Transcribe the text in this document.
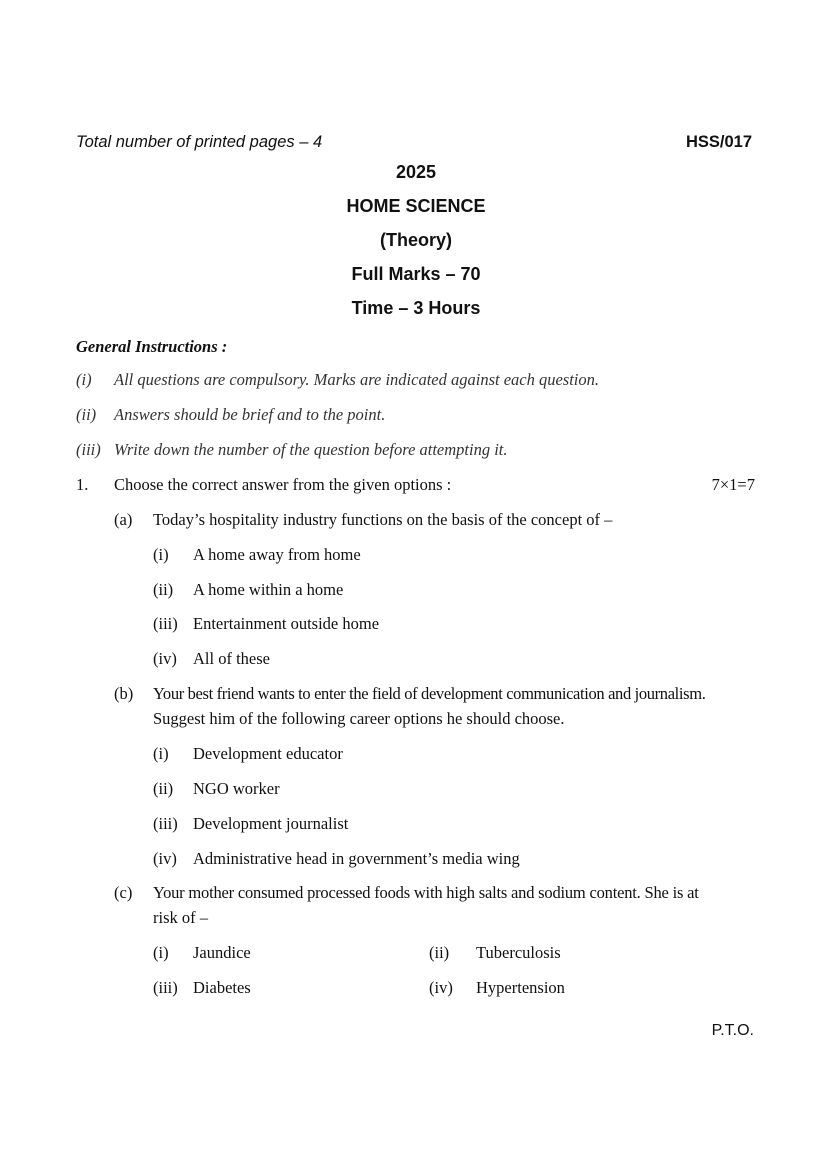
Total number of printed pages – 4	HSS/017
2025
HOME SCIENCE
(Theory)
Full Marks – 70
Time – 3 Hours
General Instructions :
(i) All questions are compulsory. Marks are indicated against each question.
(ii) Answers should be brief and to the point.
(iii) Write down the number of the question before attempting it.
1. Choose the correct answer from the given options :	7×1=7
(a) Today’s hospitality industry functions on the basis of the concept of –
(i) A home away from home
(ii) A home within a home
(iii) Entertainment outside home
(iv) All of these
(b) Your best friend wants to enter the field of development communication and journalism.
Suggest him of the following career options he should choose.
(i) Development educator
(ii) NGO worker
(iii) Development journalist
(iv) Administrative head in government’s media wing
(c) Your mother consumed processed foods with high salts and sodium content. She is at
risk of –
(i) Jaundice	(ii) Tuberculosis
(iii) Diabetes	(iv) Hypertension
P.T.O.
